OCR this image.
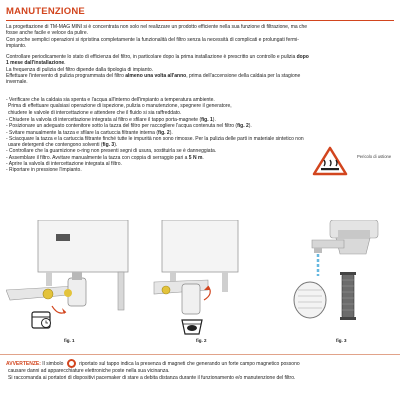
MANUTENZIONE

La progettazione di TM-MAG MINI si è concentrata non solo nel realizzare un prodotto efficiente nella sua funzione di filtrazione, ma che

fosse anche facile e veloce da pulire.

Con poche semplici operazioni si ripristina completamente la funzionalità del filtro senza la necessità di complicati e prolungati fermi-

impianto.

Controllare periodicamente lo stato di efficienza del filtro, in particolare dopo la prima installazione è prescritto un controllo e pulizia dopo

1 mese dall'installazione.

La frequenza di pulizia del filtro dipende dalla tipologia di impianto.

Effettuare l'intervento di pulizia programmata del filtro almeno una volta all'anno, prima dell'accensione della caldaia per la stagione

invernale.

- Verificare che la caldaia sia spenta e l'acqua all'interno dell'impianto a temperatura ambiente.

Prima di effettuare qualsiasi operazione di ispezione, pulizia o manutenzione, spegnere il generatore,

chiudere le valvole di intercettazione e attendere che il fluido si sia raffreddato.

Pericolo di ustione

- Chiudere la valvola di intercettazione integrata al filtro e sfilare il tappo porta-magnete (fig. 1).

- Posizionare un adeguato contenitore sotto la tazza del filtro per raccogliere l'acqua contenuta nel filtro (fig. 2).

- Svitare manualmente la tazza e sfilare la cartuccia filtrante interna (fig. 2).

- Sciacquare la tazza e la cartuccia filtrante finché tutte le impurità non sono rimosse. Per la pulizia delle parti in materiale sintetico non

usare detergenti che contengono solventi (fig. 3).

- Controllare che la guarnizione o-ring non presenti segni di usura, sostituirla se è danneggiata.

- Assemblare il filtro. Avvitare manualmente la tazza con coppia di serraggio pari a 5 N m.

- Aprire la valvola di intercettazione integrata al filtro.

- Riportare in pressione l'impianto.

fig. 1	fig. 2	fig. 3

AVVERTENZE: Il simbolo	riportato sul tappo indica la presenza di magneti che generando un forte campo magnetico possono

causare danni ad apparecchiature elettroniche poste nella sua vicinanza.

Si raccomanda ai portatori di dispositivi pacemaker di stare a debita distanza durante il funzionamento e/o manutenzione del filtro.
